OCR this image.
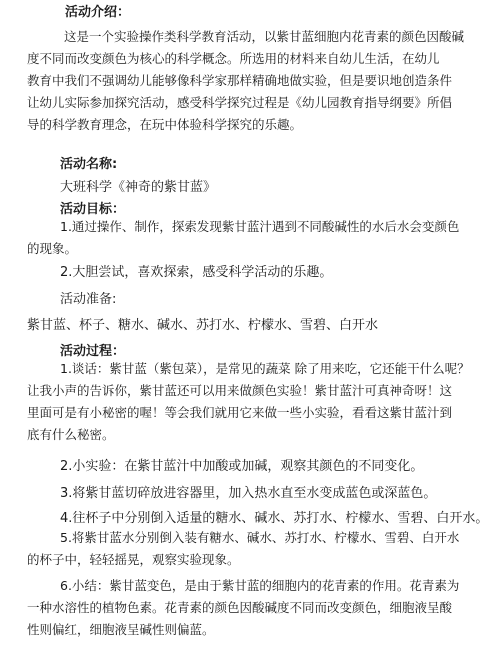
活动介绍：
这是一个实验操作类科学教育活动，以紫甘蓝细胞内花青素的颜色因酸碱
度不同而改变颜色为核心的科学概念。所选用的材料来自幼儿生活，在幼儿
教育中我们不强调幼儿能够像科学家那样精确地做实验，但是要识地创造条件
让幼儿实际参加探究活动，感受科学探究过程是《幼儿园教育指导纲要》所倡
导的科学教育理念，在玩中体验科学探究的乐趣。
活动名称:
大班科学《神奇的紫甘蓝》
活动目标：
1.通过操作、制作，探索发现紫甘蓝汁遇到不同酸碱性的水后水会变颜色
的现象。
2.大胆尝试，喜欢探索，感受科学活动的乐趣。
活动准备:
紫甘蓝、杯子、糖水、碱水、苏打水、柠檬水、雪碧、白开水
活动过程：
1.谈话：紫甘蓝（紫包菜），是常见的蔬菜 除了用来吃，它还能干什么呢？
让我小声的告诉你，紫甘蓝还可以用来做颜色实验！紫甘蓝汁可真神奇呀！这
里面可是有小秘密的喔！等会我们就用它来做一些小实验，看看这紫甘蓝汁到
底有什么秘密。
2.小实验：在紫甘蓝汁中加酸或加碱，观察其颜色的不同变化。
3.将紫甘蓝切碎放进容器里，加入热水直至水变成蓝色或深蓝色。
4.往杯子中分别倒入适量的糖水、碱水、苏打水、柠檬水、雪碧、白开水。
5.将紫甘蓝水分别倒入装有糖水、碱水、苏打水、柠檬水、雪碧、白开水
的杯子中，轻轻摇晃，观察实验现象。
6.小结：紫甘蓝变色，是由于紫甘蓝的细胞内的花青素的作用。花青素为
一种水溶性的植物色素。花青素的颜色因酸碱度不同而改变颜色，细胞液呈酸
性则偏红，细胞液呈碱性则偏蓝。
